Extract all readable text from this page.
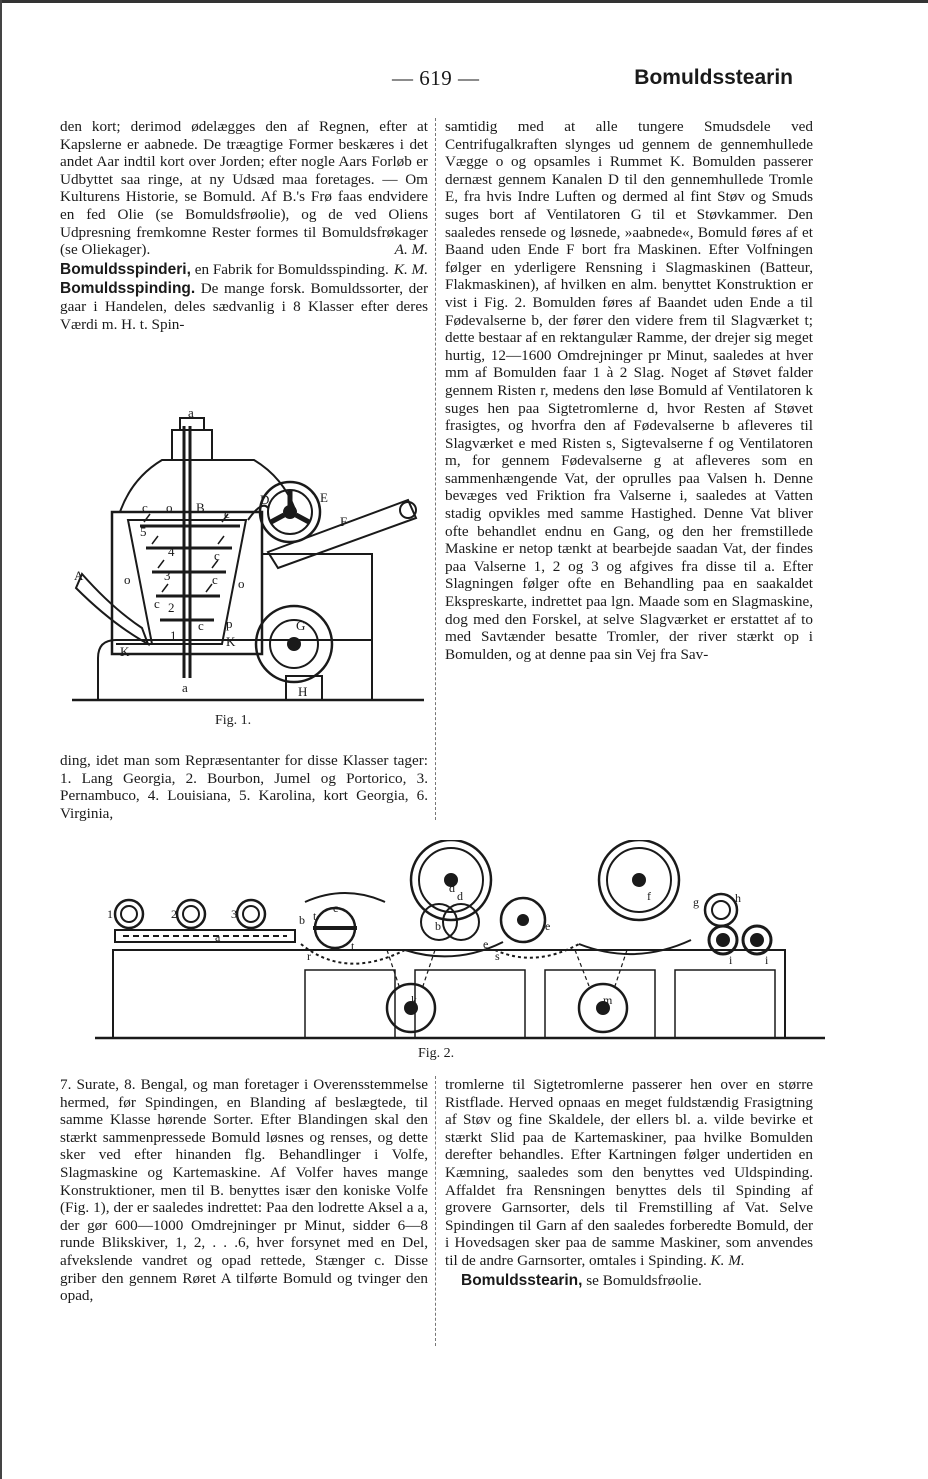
— 619 —	Bomuldsstearin

den kort; derimod ødelægges den af Regnen, efter at Kapslerne er aabnede. De træagtige Former beskæres i det andet Aar indtil kort over Jorden; efter nogle Aars Forløb er Udbyttet saa ringe, at ny Udsæd maa foretages. — Om Kulturens Historie, se Bomuld. Af B.'s Frø faas endvidere en fed Olie (se Bomuldsfrøolie), og de ved Oliens Udpresning fremkomne Rester formes til Bomuldsfrøkager (se Oliekager).	A. M.

Bomuldsspinderi, en Fabrik for Bomuldsspinding. K. M.

Bomuldsspinding. De mange forsk. Bomuldssorter, der gaar i Handelen, deles sædvanlig i 8 Klasser efter deres Værdi m. H. t. Spin-

a
a
A
B
D	E
F
G
H
K
K
p
o
o
o
c	c
c
c
c
c
1
2
3
4
5
Fig. 1.

ding, idet man som Repræsentanter for disse Klasser tager: 1. Lang Georgia, 2. Bourbon, Jumel og Portorico, 3. Pernambuco, 4. Louisiana, 5. Karolina, kort Georgia, 6. Virginia,

samtidig med at alle tungere Smudsdele ved Centrifugalkraften slynges ud gennem de gennemhullede Vægge o og opsamles i Rummet K. Bomulden passerer dernæst gennem Kanalen D til den gennemhullede Tromle E, fra hvis Indre Luften og dermed al fint Støv og Smuds suges bort af Ventilatoren G til et Støvkammer. Den saaledes rensede og løsnede, »aabnede«, Bomuld føres af et Baand uden Ende F bort fra Maskinen. Efter Volfningen følger en yderligere Rensning i Slagmaskinen (Batteur, Flakmaskinen), af hvilken en alm. benyttet Konstruktion er vist i Fig. 2. Bomulden føres af Baandet uden Ende a til Fødevalserne b, der fører den videre frem til Slagværket t; dette bestaar af en rektangulær Ramme, der drejer sig meget hurtig, 12—1600 Omdrejninger pr Minut, saaledes at hver mm af Bomulden faar 1 à 2 Slag. Noget af Støvet falder gennem Risten r, medens den løse Bomuld af Ventilatoren k suges hen paa Sigtetromlerne d, hvor Resten af Støvet frasigtes, og hvorfra den af Fødevalserne b afleveres til Slagværket e med Risten s, Sigtevalserne f og Ventilatoren m, for gennem Fødevalserne g at afleveres som en sammenhængende Vat, der oprulles paa Valsen h. Denne bevæges ved Friktion fra Valserne i, saaledes at Vatten stadig opvikles med samme Hastighed. Denne Vat bliver ofte behandlet endnu en Gang, og den her fremstillede Maskine er netop tænkt at bearbejde saadan Vat, der findes paa Valserne 1, 2 og 3 og afgives fra disse til a. Efter Slagningen følger ofte en Behandling paa en saakaldet Ekspreskarte, indrettet paa lgn. Maade som en Slagmaskine, dog med den Forskel, at selve Slagværket er erstattet af to med Savtænder besatte Tromler, der river stærkt op i Bomulden, og at denne paa sin Vej fra Sav-

1	2	3
a
b
c
t
t
r
d
d
b	e
e
s
f	g	h
i	i
k	m
Fig. 2.

7. Surate, 8. Bengal, og man foretager i Overensstemmelse hermed, før Spindingen, en Blanding af beslægtede, til samme Klasse hørende Sorter. Efter Blandingen skal den stærkt sammenpressede Bomuld løsnes og renses, og dette sker ved efter hinanden flg. Behandlinger i Volfe, Slagmaskine og Kartemaskine. Af Volfer haves mange Konstruktioner, men til B. benyttes især den koniske Volfe (Fig. 1), der er saaledes indrettet: Paa den lodrette Aksel a a, der gør 600—1000 Omdrejninger pr Minut, sidder 6—8 runde Blikskiver, 1, 2, . . .6, hver forsynet med en Del, afvekslende vandret og opad rettede, Stænger c. Disse griber den gennem Røret A tilførte Bomuld og tvinger den opad,

tromlerne til Sigtetromlerne passerer hen over en større Ristflade. Herved opnaas en meget fuldstændig Frasigtning af Støv og fine Skaldele, der ellers bl. a. vilde bevirke et stærkt Slid paa de Kartemaskiner, paa hvilke Bomulden derefter behandles. Efter Kartningen følger undertiden en Kæmning, saaledes som den benyttes ved Uldspinding. Affaldet fra Rensningen benyttes dels til Spinding af grovere Garnsorter, dels til Fremstilling af Vat. Selve Spindingen til Garn af den saaledes forberedte Bomuld, der i Hovedsagen sker paa de samme Maskiner, som anvendes til de andre Garnsorter, omtales i Spinding. K. M.

Bomuldsstearin, se Bomuldsfrøolie.
